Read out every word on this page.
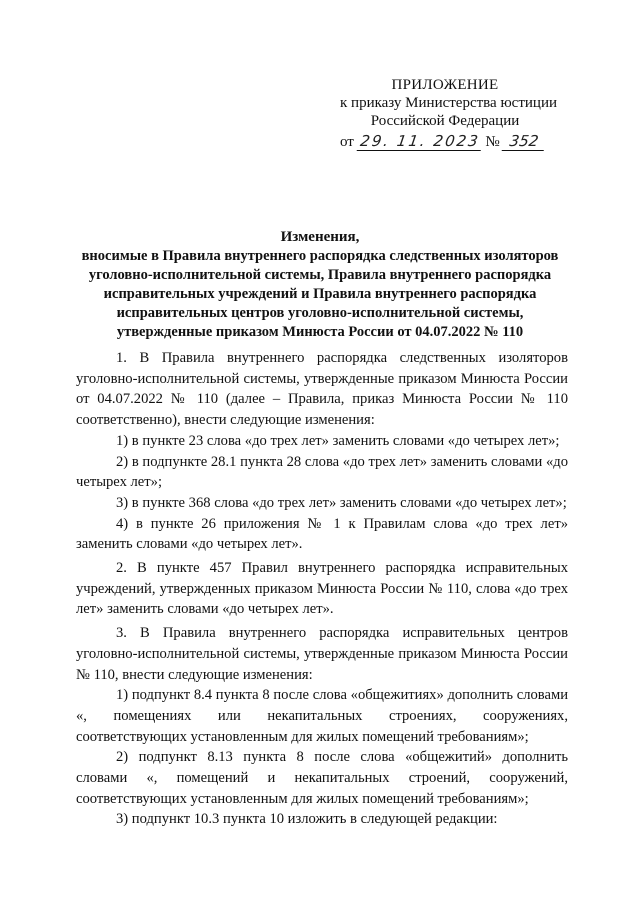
ПРИЛОЖЕНИЕ
к приказу Министерства юстиции
Российской Федерации
от 29. 11. 2023 № 352
Изменения,
вносимые в Правила внутреннего распорядка следственных изоляторов
уголовно-исполнительной системы, Правила внутреннего распорядка
исправительных учреждений и Правила внутреннего распорядка
исправительных центров уголовно-исполнительной системы,
утвержденные приказом Минюста России от 04.07.2022 № 110

1. В Правила внутреннего распорядка следственных изоляторов уголовно-исполнительной системы, утвержденные приказом Минюста России от 04.07.2022 № 110 (далее – Правила, приказ Минюста России № 110 соответственно), внести следующие изменения:

1) в пункте 23 слова «до трех лет» заменить словами «до четырех лет»;

2) в подпункте 28.1 пункта 28 слова «до трех лет» заменить словами «до четырех лет»;

3) в пункте 368 слова «до трех лет» заменить словами «до четырех лет»;

4) в пункте 26 приложения № 1 к Правилам слова «до трех лет» заменить словами «до четырех лет».

2. В пункте 457 Правил внутреннего распорядка исправительных учреждений, утвержденных приказом Минюста России № 110, слова «до трех лет» заменить словами «до четырех лет».

3. В Правила внутреннего распорядка исправительных центров уголовно-исполнительной системы, утвержденные приказом Минюста России № 110, внести следующие изменения:

1) подпункт 8.4 пункта 8 после слова «общежитиях» дополнить словами «, помещениях или некапитальных строениях, сооружениях, соответствующих установленным для жилых помещений требованиям»;

2) подпункт 8.13 пункта 8 после слова «общежитий» дополнить словами «, помещений и некапитальных строений, сооружений, соответствующих установленным для жилых помещений требованиям»;

3) подпункт 10.3 пункта 10 изложить в следующей редакции:
